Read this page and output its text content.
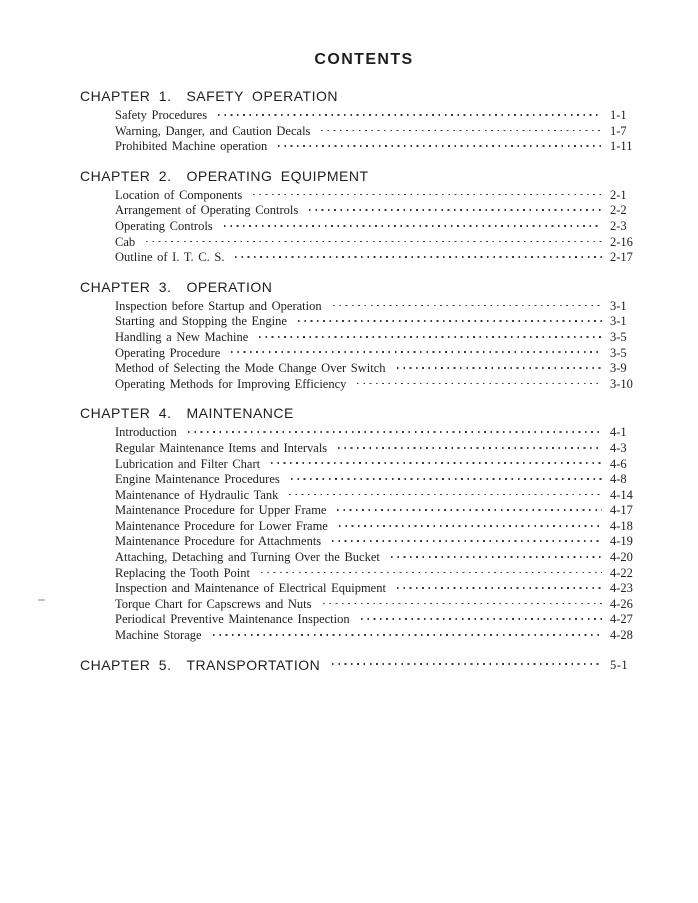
CONTENTS
CHAPTER 1. SAFETY OPERATION
Safety Procedures	1-1
Warning, Danger, and Caution Decals	1-7
Prohibited Machine operation	1-11
CHAPTER 2. OPERATING EQUIPMENT
Location of Components	2-1
Arrangement of Operating Controls	2-2
Operating Controls	2-3
Cab	2-16
Outline of I. T. C. S.	2-17
CHAPTER 3. OPERATION
Inspection before Startup and Operation	3-1
Starting and Stopping the Engine	3-1
Handling a New Machine	3-5
Operating Procedure	3-5
Method of Selecting the Mode Change Over Switch	3-9
Operating Methods for Improving Efficiency	3-10
CHAPTER 4. MAINTENANCE
Introduction	4-1
Regular Maintenance Items and Intervals	4-3
Lubrication and Filter Chart	4-6
Engine Maintenance Procedures	4-8
Maintenance of Hydraulic Tank	4-14
Maintenance Procedure for Upper Frame	4-17
Maintenance Procedure for Lower Frame	4-18
Maintenance Procedure for Attachments	4-19
Attaching, Detaching and Turning Over the Bucket	4-20
Replacing the Tooth Point	4-22
Inspection and Maintenance of Electrical Equipment	4-23
Torque Chart for Capscrews and Nuts	4-26
Periodical Preventive Maintenance Inspection	4-27
Machine Storage	4-28
CHAPTER 5. TRANSPORTATION	5-1
